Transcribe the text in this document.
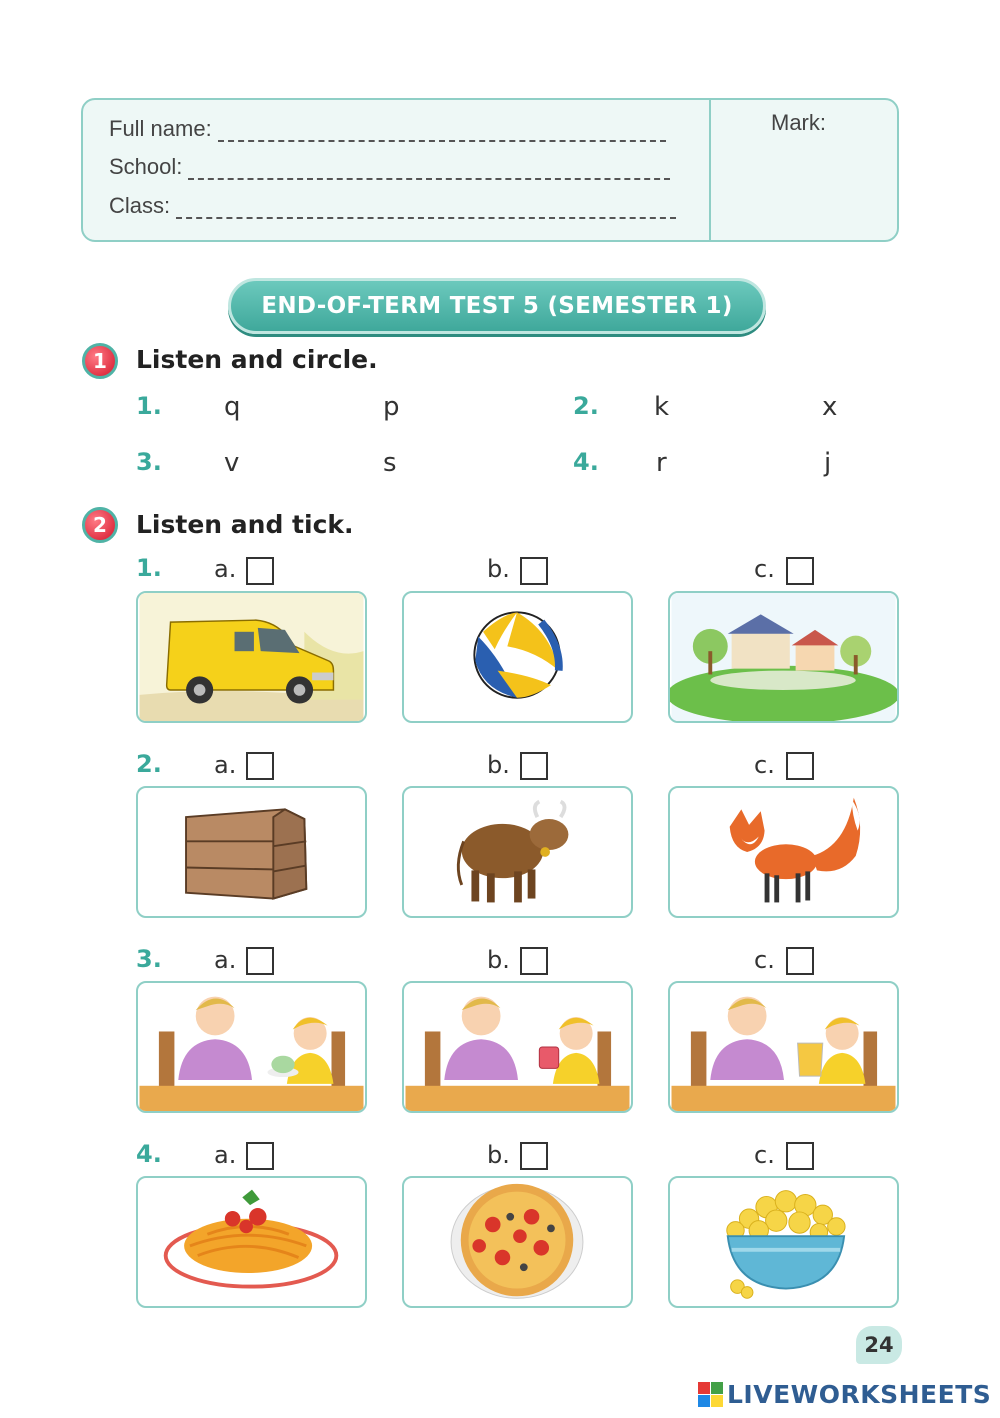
Full name:
School:
Class:
Mark:
END-OF-TERM TEST 5 (SEMESTER 1)
1	Listen and circle.
1. q	p	2. k	x
3. v	s	4. r	j
2	Listen and tick.
1. a.	b.	c.
2. a.	b.	c.
3. a.	b.	c.
4. a.	b.	c.
24
LIVEWORKSHEETS
